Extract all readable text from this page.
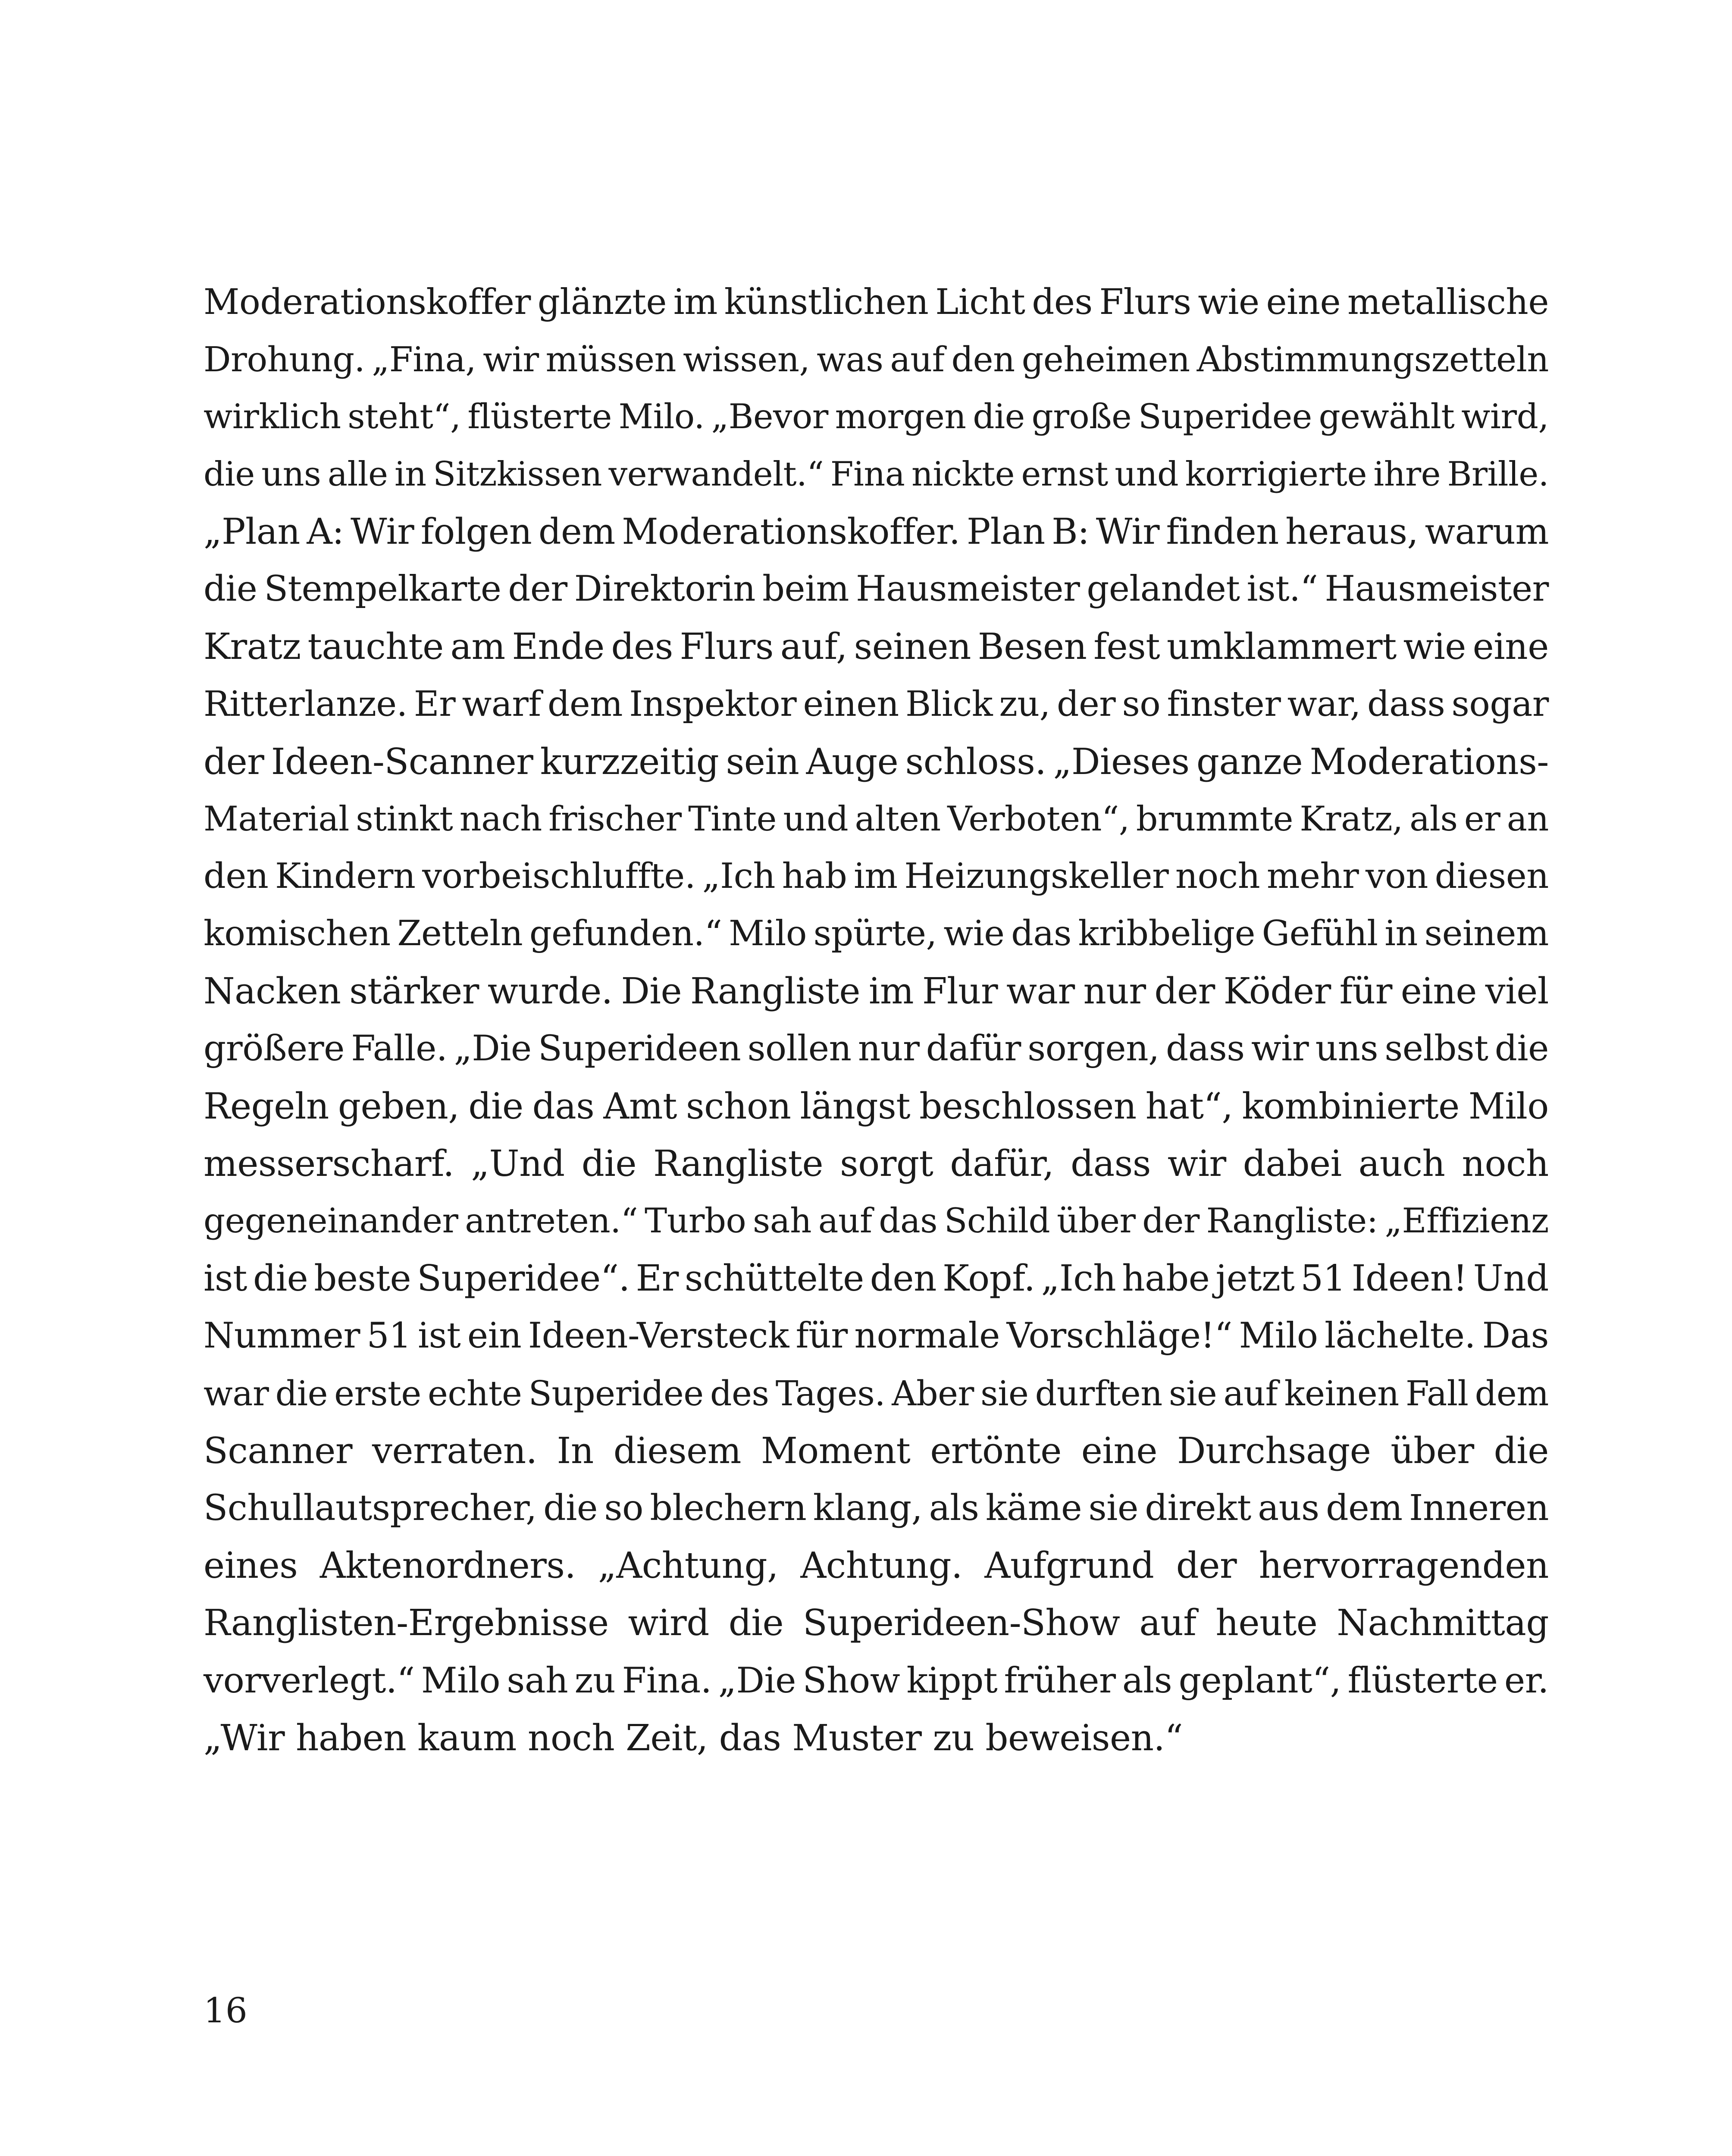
Moderationskoffer glänzte im künstlichen Licht des Flurs wie eine metallische
Drohung. „Fina, wir müssen wissen, was auf den geheimen Abstimmungszetteln
wirklich steht“, flüsterte Milo. „Bevor morgen die große Superidee gewählt wird,
die uns alle in Sitzkissen verwandelt.“ Fina nickte ernst und korrigierte ihre Brille.
„Plan A: Wir folgen dem Moderationskoffer. Plan B: Wir finden heraus, warum
die Stempelkarte der Direktorin beim Hausmeister gelandet ist.“ Hausmeister
Kratz tauchte am Ende des Flurs auf, seinen Besen fest umklammert wie eine
Ritterlanze. Er warf dem Inspektor einen Blick zu, der so finster war, dass sogar
der Ideen-Scanner kurzzeitig sein Auge schloss. „Dieses ganze Moderations-
Material stinkt nach frischer Tinte und alten Verboten“, brummte Kratz, als er an
den Kindern vorbeischluffte. „Ich hab im Heizungskeller noch mehr von diesen
komischen Zetteln gefunden.“ Milo spürte, wie das kribbelige Gefühl in seinem
Nacken stärker wurde. Die Rangliste im Flur war nur der Köder für eine viel
größere Falle. „Die Superideen sollen nur dafür sorgen, dass wir uns selbst die
Regeln geben, die das Amt schon längst beschlossen hat“, kombinierte Milo
messerscharf. „Und die Rangliste sorgt dafür, dass wir dabei auch noch
gegeneinander antreten.“ Turbo sah auf das Schild über der Rangliste: „Effizienz
ist die beste Superidee“. Er schüttelte den Kopf. „Ich habe jetzt 51 Ideen! Und
Nummer 51 ist ein Ideen-Versteck für normale Vorschläge!“ Milo lächelte. Das
war die erste echte Superidee des Tages. Aber sie durften sie auf keinen Fall dem
Scanner verraten. In diesem Moment ertönte eine Durchsage über die
Schullautsprecher, die so blechern klang, als käme sie direkt aus dem Inneren
eines Aktenordners. „Achtung, Achtung. Aufgrund der hervorragenden
Ranglisten-Ergebnisse wird die Superideen-Show auf heute Nachmittag
vorverlegt.“ Milo sah zu Fina. „Die Show kippt früher als geplant“, flüsterte er.
„Wir
haben
kaum
noch
Zeit,
das
Muster
zu
beweisen.“
16
